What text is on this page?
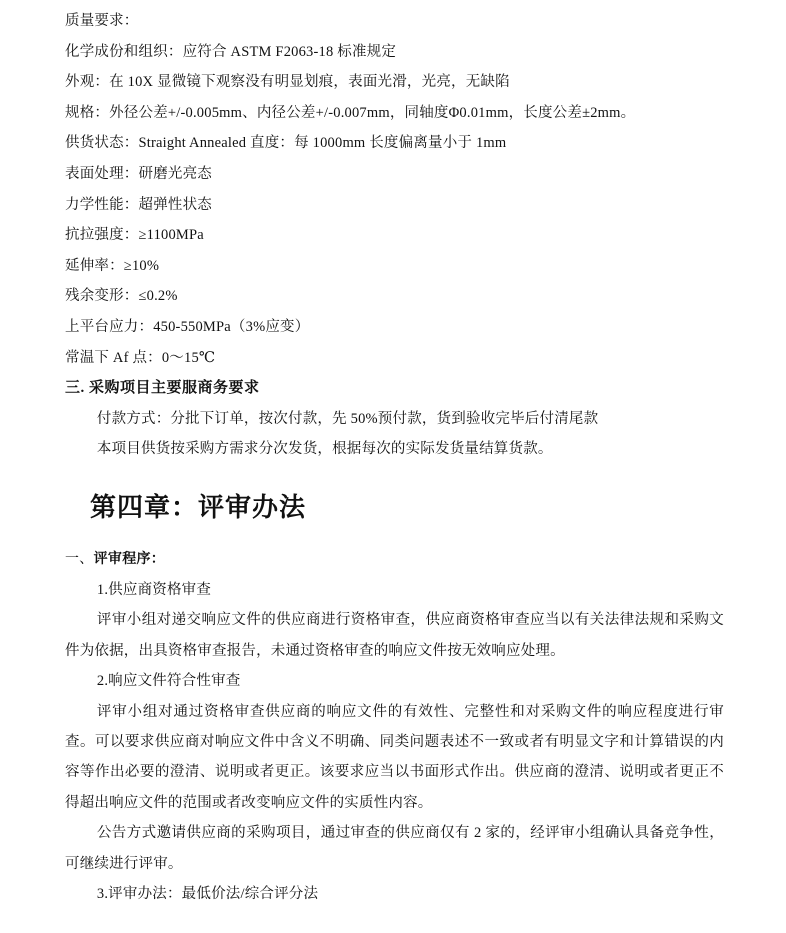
质量要求：

化学成份和组织：应符合 ASTM F2063-18 标准规定

外观：在 10X 显微镜下观察没有明显划痕，表面光滑，光亮，无缺陷

规格：外径公差+/-0.005mm、内径公差+/-0.007mm，同轴度Φ0.01mm，长度公差±2mm。

供货状态：Straight Annealed 直度：每 1000mm 长度偏离量小于 1mm

表面处理：研磨光亮态

力学性能：超弹性状态

抗拉强度：≥1100MPa

延伸率：≥10%

残余变形：≤0.2%

上平台应力：450-550MPa（3%应变）

常温下 Af 点：0～15℃

三. 采购项目主要服商务要求

付款方式：分批下订单，按次付款，先 50%预付款，货到验收完毕后付清尾款

本项目供货按采购方需求分次发货，根据每次的实际发货量结算货款。

第四章：评审办法

一、评审程序：

1.供应商资格审查

评审小组对递交响应文件的供应商进行资格审查，供应商资格审查应当以有关法律法规和采购文件为依据，出具资格审查报告，未通过资格审查的响应文件按无效响应处理。

2.响应文件符合性审查

评审小组对通过资格审查供应商的响应文件的有效性、完整性和对采购文件的响应程度进行审查。可以要求供应商对响应文件中含义不明确、同类问题表述不一致或者有明显文字和计算错误的内容等作出必要的澄清、说明或者更正。该要求应当以书面形式作出。供应商的澄清、说明或者更正不得超出响应文件的范围或者改变响应文件的实质性内容。

公告方式邀请供应商的采购项目，通过审查的供应商仅有 2 家的，经评审小组确认具备竞争性，可继续进行评审。

3.评审办法：最低价法/综合评分法
